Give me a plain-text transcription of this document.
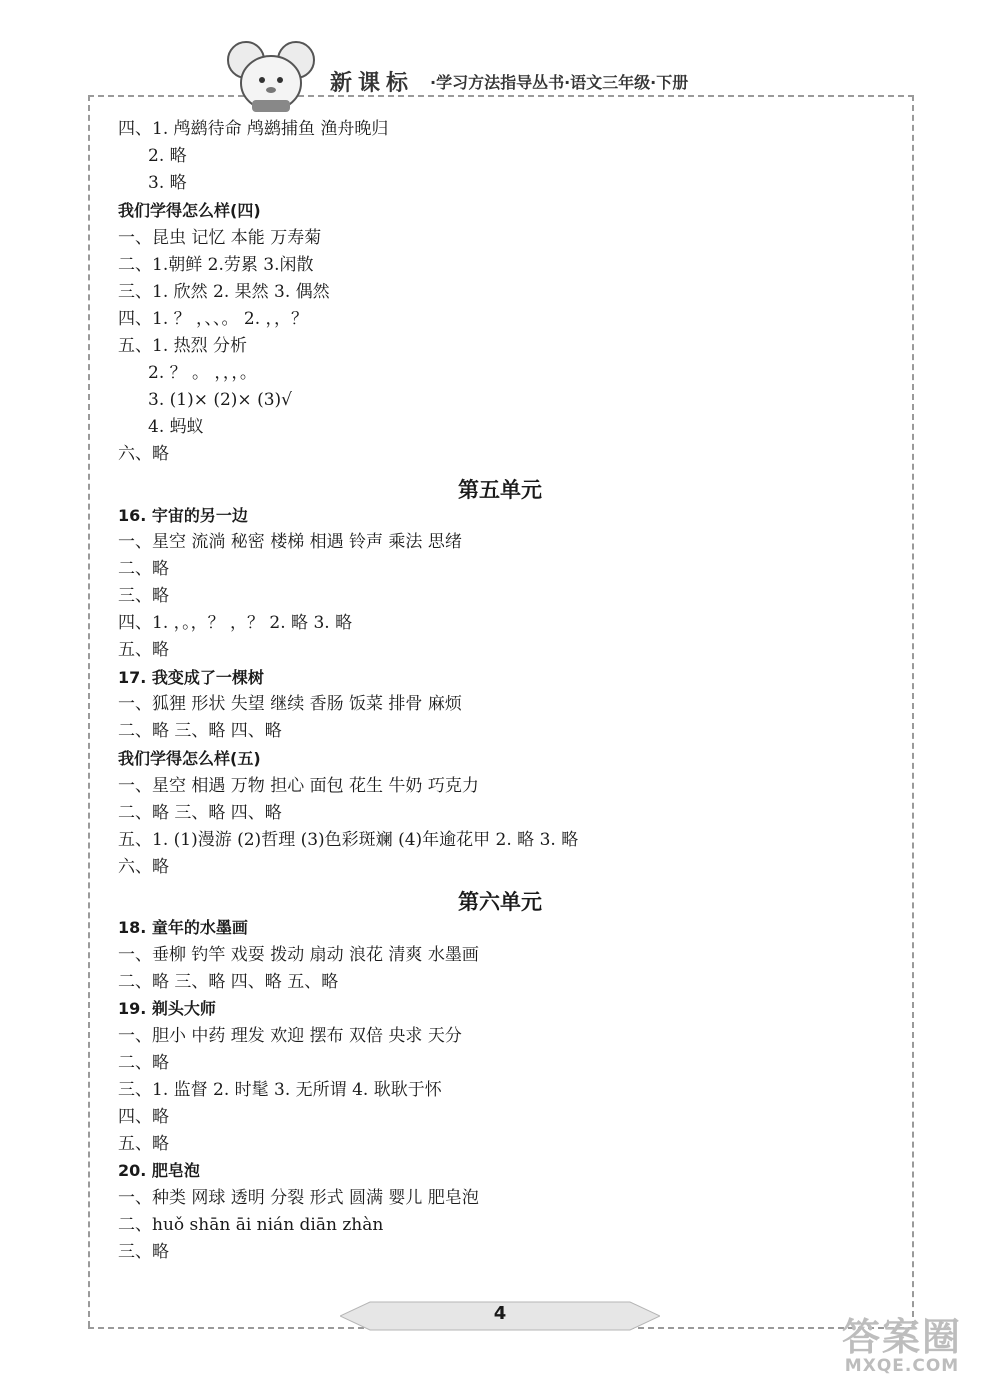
新课标 ·学习方法指导丛书·语文三年级·下册
四、1. 鸬鹚待命 鸬鹚捕鱼 渔舟晚归
2. 略
3. 略
我们学得怎么样(四)
一、昆虫 记忆 本能 万寿菊
二、1.朝鲜 2.劳累 3.闲散
三、1. 欣然 2. 果然 3. 偶然
四、1. ？ ，、、。 2. ，，？
五、1. 热烈 分析
2. ？ 。 ，，，。
3. (1)× (2)× (3)√
4. 蚂蚁
六、略
第五单元
16. 宇宙的另一边
一、星空 流淌 秘密 楼梯 相遇 铃声 乘法 思绪
二、略
三、略
四、1. ，。，？ ，？ 2. 略 3. 略
五、略
17. 我变成了一棵树
一、狐狸 形状 失望 继续 香肠 饭菜 排骨 麻烦
二、略 三、略 四、略
我们学得怎么样(五)
一、星空 相遇 万物 担心 面包 花生 牛奶 巧克力
二、略 三、略 四、略
五、1. (1)漫游 (2)哲理 (3)色彩斑斓 (4)年逾花甲 2. 略 3. 略
六、略
第六单元
18. 童年的水墨画
一、垂柳 钓竿 戏耍 拨动 扇动 浪花 清爽 水墨画
二、略 三、略 四、略 五、略
19. 剃头大师
一、胆小 中药 理发 欢迎 摆布 双倍 央求 天分
二、略
三、1. 监督 2. 时髦 3. 无所谓 4. 耿耿于怀
四、略
五、略
20. 肥皂泡
一、种类 网球 透明 分裂 形式 圆满 婴儿 肥皂泡
二、huǒ shān āi nián diān zhàn
三、略
4
答案圈
MXQE.COM
